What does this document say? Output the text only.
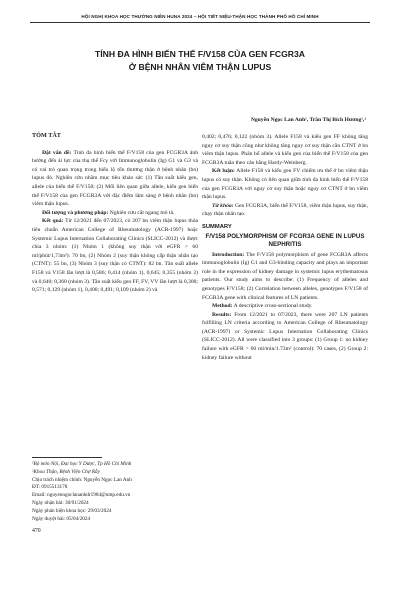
HỘI NGHỊ KHOA HỌC THƯỜNG NIÊN HUNA 2024 – HỘI TIẾT NIỆU-THẬN HỌC THÀNH PHỐ HỒ CHÍ MINH
TÍNH ĐA HÌNH BIẾN THỂ F/V158 CỦA GEN FCGR3A
Ở BỆNH NHÂN VIÊM THẬN LUPUS
Nguyễn Ngọc Lan Anh¹, Trần Thị Bích Hương¹,²
TÓM TẮT

Đặt vấn đề: Tính đa hình biến thể F/V158 của gen FCGR3A ảnh hưởng đến ái lực của thụ thể Fcγ với Immunoglobulin (Ig) G1 và G3 và có vai trò quan trọng trong biểu lộ tổn thương thận ở bệnh nhân (bn) lupus đỏ. Nghiên cứu nhằm mục tiêu khảo sát: (1) Tần suất kiểu gen, allele của biến thể F/V158; (2) Mối liên quan giữa allele, kiểu gen biến thể F/V158 của gen FCGR3A với đặc điểm lâm sàng ở bệnh nhân (bn) viêm thận lupus.

Đối tượng và phương pháp: Nghiên cứu cắt ngang mô tả.

Kết quả: Từ 12/2021 đến 07/2023, có 207 bn viêm thận lupus thỏa tiêu chuẩn American College of Rheumatology (ACR-1997) hoặc Systemic Lupus Internation Collaborating Clinics (SLICC-2012) và được chia 3 nhóm: (1) Nhóm 1 (không suy thận với eGFR > 60 ml/phút/1,73m²): 70 bn, (2) Nhóm 2 (suy thận không cấp thận nhân tạo (CTNT): 55 bn, (3) Nhóm 3 (suy thận có CTNT): 82 bn. Tần suất allele F158 và V158 lần lượt là 0,586; 0,414 (nhóm 1), 0,645; 0,355 (nhóm 2) và 0,640; 0,360 (nhóm 3). Tần suất kiểu gen FF, FV, VV lần lượt là 0,300; 0,571; 0,129 (nhóm 1), 0,400; 0,491; 0,109 (nhóm 2) và

0,402; 0,476; 0,122 (nhóm 3). Allele F158 và kiểu gen FF không tăng nguy cơ suy thận cũng như không tăng nguy cơ suy thận cần CTNT ở bn viêm thận lupus. Phân bố allele và kiểu gen của biến thể F/V158 của gen FCGR3A tuân theo cân bằng Hardy-Weinberg.

Kết luận: Allele F158 và kiểu gen FV chiếm ưu thế ở bn viêm thận lupus có suy thận. Không có liên quan giữa tính đa hình biến thể F/V158 của gen FCGR3A với nguy cơ suy thận hoặc nguy cơ CTNT ở bn viêm thận lupus.

Từ khóa: Gen FCGR3A, biến thể F/V158, viêm thận lupus, suy thận, chạy thận nhân tạo.

SUMMARY
F/V158 POLYMORPHISM OF FCGR3A GENE IN LUPUS NEPHRITIS

Introduction: The F/V158 polymorphism of gene FCGR3A affects immunoglobulin (Ig) G1 and G3-binding capacity and plays an important role in the expression of kidney damage in systemic lupus erythematosus patients. Our study aims to describe: (1) Frequency of alleles and genotypes F/V158; (2) Correlation between alleles, genotypes F/V158 of FCGR3A gene with clinical features of LN patients.

Method: A descriptive cross-sectional study.

Results: From 12/2021 to 07/2023, there were 207 LN patients fulfilling LN criteria according to American College of Rheumatology (ACR-1997) or Systemic Lupus Internation Collaborating Clinics (SLICC-2012). All were classified into 3 groups: (1) Group 1: no kidney failure with eGFR > 60 ml/min/1.73m² (control): 70 cases, (2) Group 2: kidney failure without

¹Bộ môn Nội, Đại học Y Dược, Tp Hồ Chí Minh
²Khoa Thận, Bệnh Viện Chợ Rẫy
Chịu trách nhiệm chính: Nguyễn Ngọc Lan Anh
ĐT: 0915513178
Email: nguyenngoclananhdr1984@ump.edu.vn
Ngày nhận bài: 30/01/2024
Ngày phản biện khoa học: 29/03/2024
Ngày duyệt bài: 05/04/2024
470
